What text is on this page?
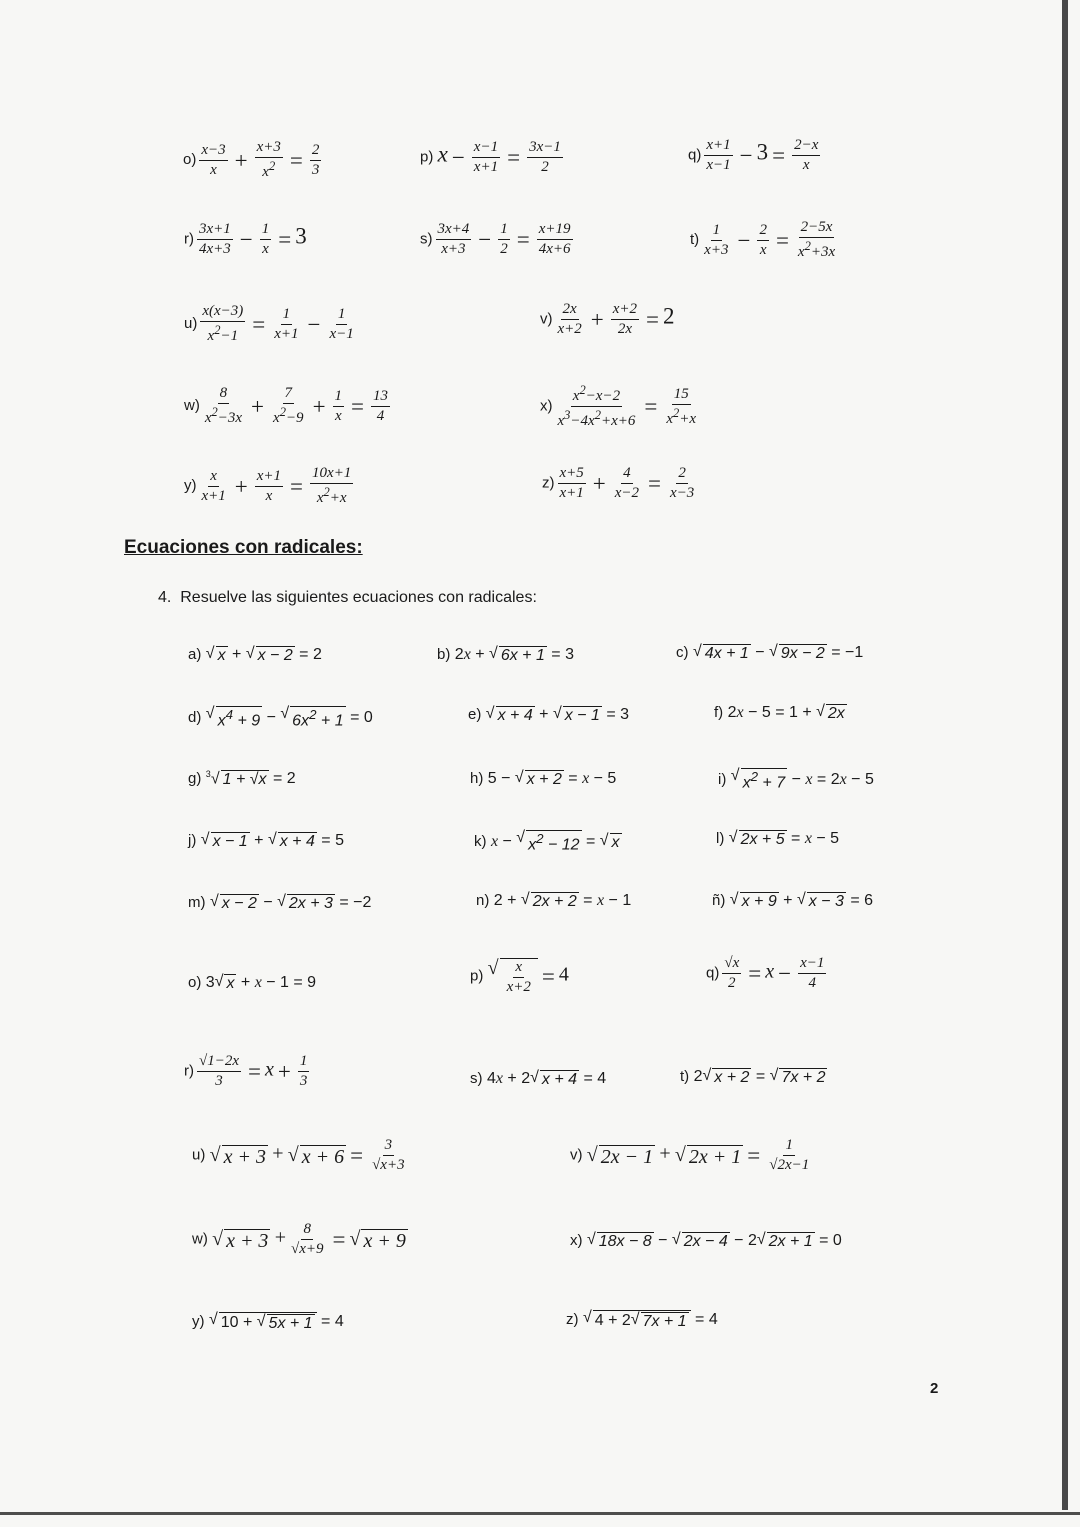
$o) \frac{x-3}{x} + \frac{x+3}{x^2} = \frac{2}{3}$	p) $x - \frac{x-1}{x+1} = \frac{3x-1}{2}$	$q) \frac{x+1}{x-1} - 3 = \frac{2-x}{x}$
$r) \frac{3x+1}{4x+3} - \frac{1}{x} = 3$	$s) \frac{3x+4}{x+3} - \frac{1}{2} = \frac{x+19}{4x+6}$	$t) \frac{1}{x+3} - \frac{2}{x} = \frac{2-5x}{x^2+3x}$
$u) \frac{x(x-3)}{x^2-1} = \frac{1}{x+1} - \frac{1}{x-1}$	$v) \frac{2x}{x+2} + \frac{x+2}{2x} = 2$
$w) \frac{8}{x^2-3x} + \frac{7}{x^2-9} + \frac{1}{x} = \frac{13}{4}$	$x) \frac{x^2-x-2}{x^3-4x^2+x+6} = \frac{15}{x^2+x}$
$y) \frac{x}{x+1} + \frac{x+1}{x} = \frac{10x+1}{x^2+x}$	$z) \frac{x+5}{x+1} + \frac{4}{x-2} = \frac{2}{x-3}$
Ecuaciones con radicales:
4. Resuelve las siguientes ecuaciones con radicales:
a) √ x + √ x − 2 = 2	b) 2x + √ 6x + 1 = 3	c) √ 4x + 1 − √ 9x − 2 = −1
d) √ $x^4 + 9$ − √ $6x^2 + 1 = 0$	e) √ x + 4 + √ x − 1 = 3	f) 2x − 5 = 1 + √ 2x
g) $^3$√ 1 + √x = 2	h) 5 − √ x + 2 = x − 5	i) √ $x^2 + 7 - x = 2x - 5$
j) √ x − 1 + √ x + 4 = 5	k) x − √ $x^2 - 12$ = √ x	l) √ 2x + 5 = x − 5
m) √ x − 2 − √ 2x + 3 = −2	n) 2 + √ 2x + 2 = x − 1	ñ) √ x + 9 + √ x − 3 = 6
o) 3 √ x + x − 1 = 9	p) √ $\frac{x}{x+2} = 4$	$q) \frac{√x}{2} = x - \frac{x-1}{4}$
$r) \frac{√1-2x}{3} = x + \frac{1}{3}$	s) 4x + 2 √ x + 4 = 4	t) 2 √ x + 2 = √ 7x + 2
u) √ x + 3 + √ $x + 6 = \frac{3}{√x+3}$	v) √ 2x − 1 + √ $2x + 1 = \frac{1}{√2x-1}$
w) √ $x + 3 + \frac{8}{√x+9}$ = √ x + 9	x) √ 18x − 8 − √ 2x − 4 − 2 √ 2x + 1 = 0
y) √ 10 + √ 5x + 1 = 4	z) √ 4 + 2 √ 7x + 1 = 4
2
